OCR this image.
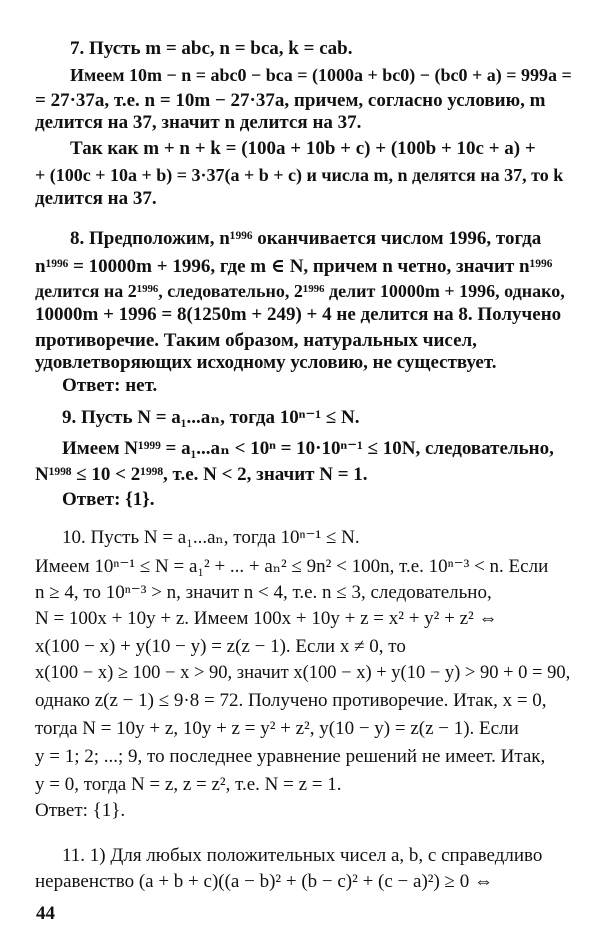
7. Пусть m = abc, n = bca, k = cab.
Имеем 10m − n = abc0 − bca = (1000a + bc0) − (bc0 + a) = 999a =
= 27·37a, т.е. n = 10m − 27·37a, причем, согласно условию, m
делится на 37, значит n делится на 37.
Так как m + n + k = (100a + 10b + c) + (100b + 10c + a) +
+ (100c + 10a + b) = 3·37(a + b + c) и числа m, n делятся на 37, то k
делится на 37.
8. Предположим, n¹⁹⁹⁶ оканчивается числом 1996, тогда
n¹⁹⁹⁶ = 10000m + 1996, где m ∈ N, причем n четно, значит n¹⁹⁹⁶
делится на 2¹⁹⁹⁶, следовательно, 2¹⁹⁹⁶ делит 10000m + 1996, однако,
10000m + 1996 = 8(1250m + 249) + 4 не делится на 8. Получено
противоречие. Таким образом, натуральных чисел,
удовлетворяющих исходному условию, не существует.
Ответ: нет.
9. Пусть N = a₁...aₙ, тогда 10ⁿ⁻¹ ≤ N.
Имеем N¹⁹⁹⁹ = a₁...aₙ < 10ⁿ = 10·10ⁿ⁻¹ ≤ 10N, следовательно,
N¹⁹⁹⁸ ≤ 10 < 2¹⁹⁹⁸, т.е. N < 2, значит N = 1.
Ответ: {1}.
10. Пусть N = a₁...aₙ, тогда 10ⁿ⁻¹ ≤ N.
Имеем 10ⁿ⁻¹ ≤ N = a₁² + ... + aₙ² ≤ 9n² < 100n, т.е. 10ⁿ⁻³ < n. Если
n ≥ 4, то 10ⁿ⁻³ > n, значит n < 4, т.е. n ≤ 3, следовательно,
N = 100x + 10y + z. Имеем 100x + 10y + z = x² + y² + z² ⇔
x(100 − x) + y(10 − y) = z(z − 1). Если x ≠ 0, то
x(100 − x) ≥ 100 − x > 90, значит x(100 − x) + y(10 − y) > 90 + 0 = 90,
однако z(z − 1) ≤ 9·8 = 72. Получено противоречие. Итак, x = 0,
тогда N = 10y + z, 10y + z = y² + z², y(10 − y) = z(z − 1). Если
y = 1; 2; ...; 9, то последнее уравнение решений не имеет. Итак,
y = 0, тогда N = z, z = z², т.е. N = z = 1.
Ответ: {1}.
11. 1) Для любых положительных чисел a, b, c справедливо
неравенство (a + b + c)((a − b)² + (b − c)² + (c − a)²) ≥ 0 ⇔
44
